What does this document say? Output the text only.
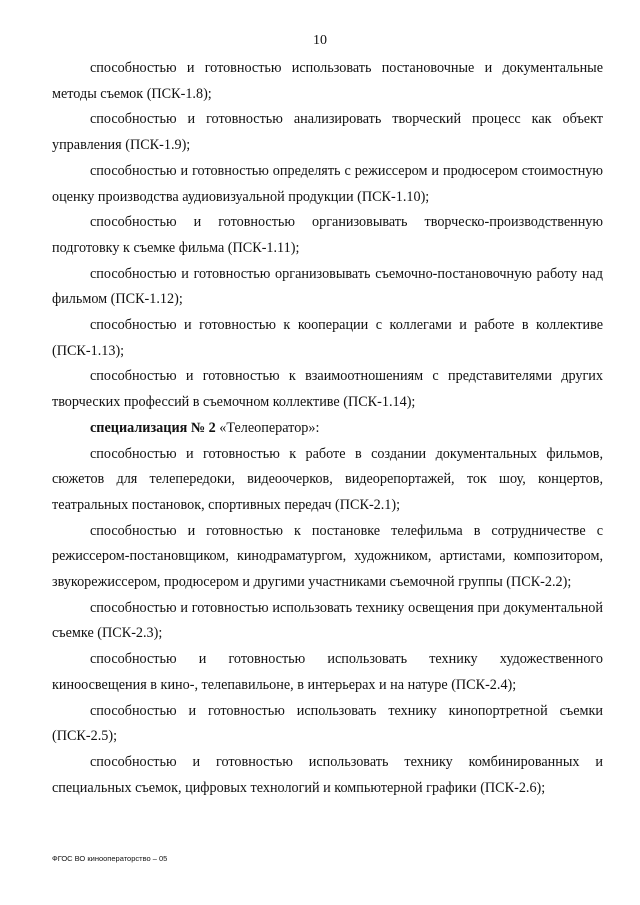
10

способностью и готовностью использовать постановочные и документальные методы съемок (ПСК-1.8);

способностью и готовностью анализировать творческий процесс как объект управления (ПСК-1.9);

способностью и готовностью определять с режиссером и продюсером стоимостную оценку производства аудиовизуальной продукции (ПСК-1.10);

способностью и готовностью организовывать творческо-производственную подготовку к съемке фильма (ПСК-1.11);

способностью и готовностью организовывать съемочно-постановочную работу над фильмом (ПСК-1.12);

способностью и готовностью к кооперации с коллегами и работе в коллективе (ПСК-1.13);

способностью и готовностью к взаимоотношениям с представителями других творческих профессий в съемочном коллективе (ПСК-1.14);

специализация № 2 «Телеоператор»:

способностью и готовностью к работе в создании документальных фильмов, сюжетов для телепередоки, видеоочерков, видеорепортажей, ток шоу, концертов, театральных постановок, спортивных передач (ПСК-2.1);

способностью и готовностью к постановке телефильма в сотрудничестве с режиссером-постановщиком, кинодраматургом, художником, артистами, композитором, звукорежиссером, продюсером и другими участниками съемочной группы (ПСК-2.2);

способностью и готовностью использовать технику освещения при документальной съемке (ПСК-2.3);

способностью и готовностью использовать технику художественного киноосвещения в кино-, телепавильоне, в интерьерах и на натуре (ПСК-2.4);

способностью и готовностью использовать технику кинопортретной съемки (ПСК-2.5);

способностью и готовностью использовать технику комбинированных и специальных съемок, цифровых технологий и компьютерной графики (ПСК-2.6);

ФГОС ВО кинооператорство – 05
